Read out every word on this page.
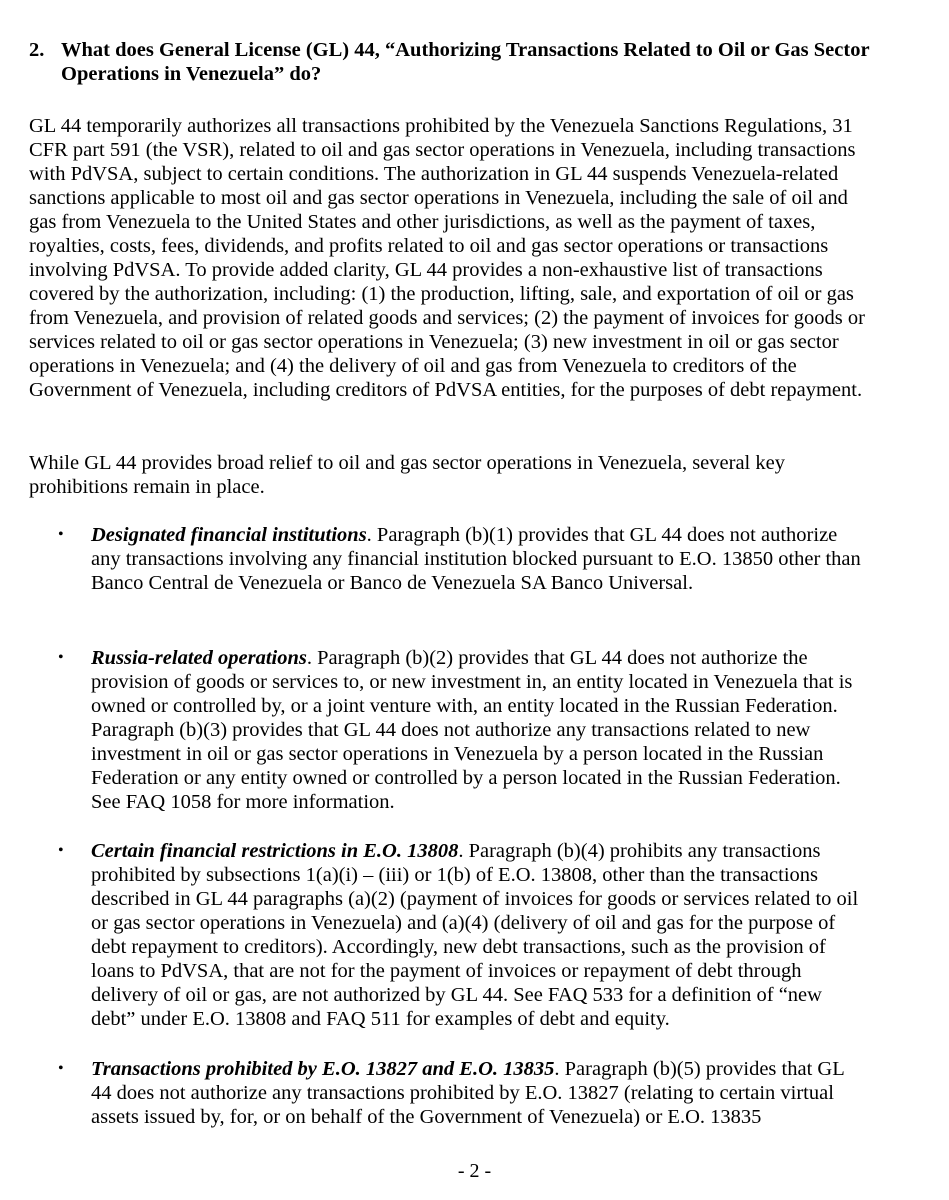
2. What does General License (GL) 44, “Authorizing Transactions Related to Oil or Gas Sector Operations in Venezuela” do?

GL 44 temporarily authorizes all transactions prohibited by the Venezuela Sanctions Regulations, 31 CFR part 591 (the VSR), related to oil and gas sector operations in Venezuela, including transactions with PdVSA, subject to certain conditions. The authorization in GL 44 suspends Venezuela-related sanctions applicable to most oil and gas sector operations in Venezuela, including the sale of oil and gas from Venezuela to the United States and other jurisdictions, as well as the payment of taxes, royalties, costs, fees, dividends, and profits related to oil and gas sector operations or transactions involving PdVSA. To provide added clarity, GL 44 provides a non-exhaustive list of transactions covered by the authorization, including: (1) the production, lifting, sale, and exportation of oil or gas from Venezuela, and provision of related goods and services; (2) the payment of invoices for goods or services related to oil or gas sector operations in Venezuela; (3) new investment in oil or gas sector operations in Venezuela; and (4) the delivery of oil and gas from Venezuela to creditors of the Government of Venezuela, including creditors of PdVSA entities, for the purposes of debt repayment.

While GL 44 provides broad relief to oil and gas sector operations in Venezuela, several key prohibitions remain in place.

•	Designated financial institutions. Paragraph (b)(1) provides that GL 44 does not authorize any transactions involving any financial institution blocked pursuant to E.O. 13850 other than Banco Central de Venezuela or Banco de Venezuela SA Banco Universal.
•	Russia-related operations. Paragraph (b)(2) provides that GL 44 does not authorize the provision of goods or services to, or new investment in, an entity located in Venezuela that is owned or controlled by, or a joint venture with, an entity located in the Russian Federation. Paragraph (b)(3) provides that GL 44 does not authorize any transactions related to new investment in oil or gas sector operations in Venezuela by a person located in the Russian Federation or any entity owned or controlled by a person located in the Russian Federation. See FAQ 1058 for more information.
•	Certain financial restrictions in E.O. 13808. Paragraph (b)(4) prohibits any transactions prohibited by subsections 1(a)(i) – (iii) or 1(b) of E.O. 13808, other than the transactions described in GL 44 paragraphs (a)(2) (payment of invoices for goods or services related to oil or gas sector operations in Venezuela) and (a)(4) (delivery of oil and gas for the purpose of debt repayment to creditors). Accordingly, new debt transactions, such as the provision of loans to PdVSA, that are not for the payment of invoices or repayment of debt through delivery of oil or gas, are not authorized by GL 44. See FAQ 533 for a definition of “new debt” under E.O. 13808 and FAQ 511 for examples of debt and equity.
•	Transactions prohibited by E.O. 13827 and E.O. 13835. Paragraph (b)(5) provides that GL 44 does not authorize any transactions prohibited by E.O. 13827 (relating to certain virtual assets issued by, for, or on behalf of the Government of Venezuela) or E.O. 13835
- 2 -
